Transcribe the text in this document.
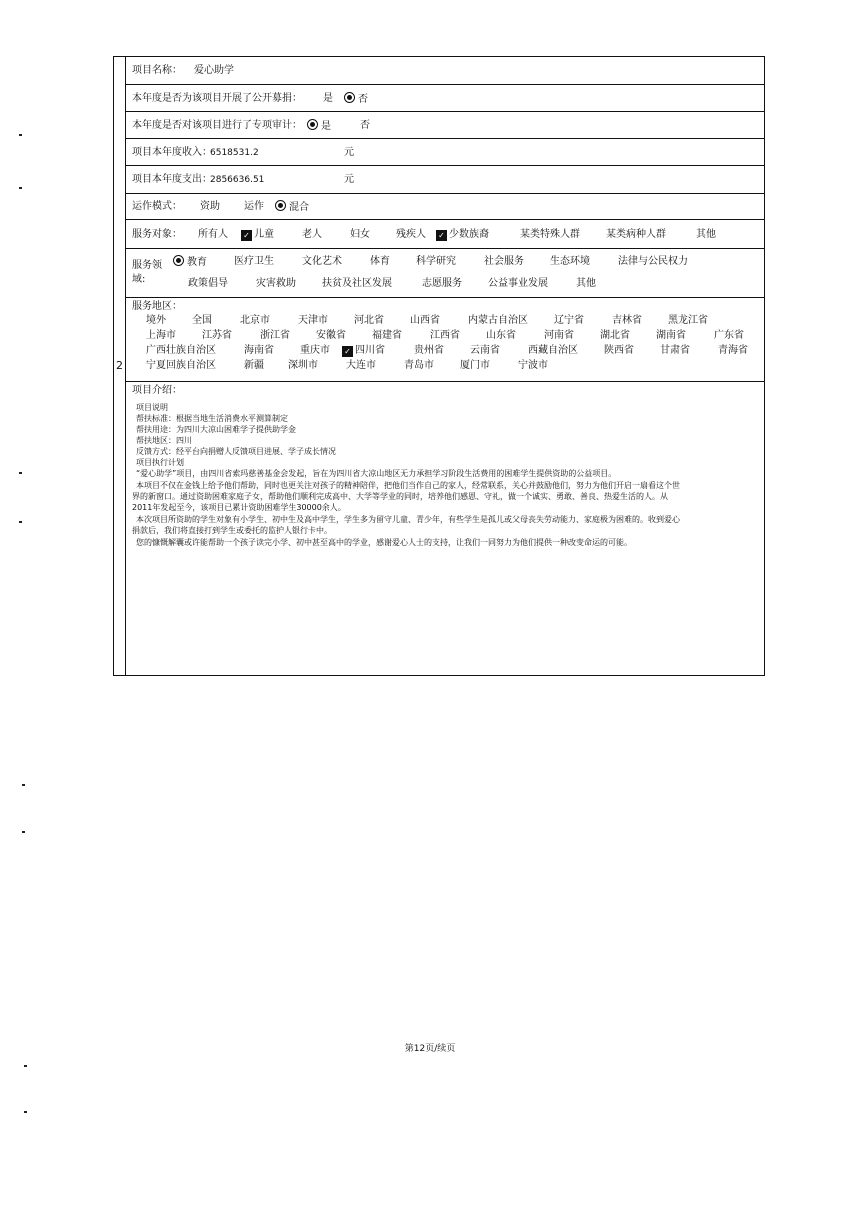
2
项目名称： 爱心助学
本年度是否为该项目开展了公开募捐： 是	否
本年度是否对该项目进行了专项审计：	是	否
项目本年度收入：
6518531.2	元
项目本年度支出：
2856636.51	元
运作模式： 资助 运作	混合
服务对象： 所有人 ✓ 儿童	老人	妇女	残疾人 ✓ 少数族裔	某类特殊人群	某类病种人群	其他
服务领
域:
教育	医疗卫生	文化艺术	体育	科学研究	社会服务	生态环境	法律与公民权力
政策倡导	灾害救助	扶贫及社区发展	志愿服务	公益事业发展	其他
服务地区：
境外	全国	北京市	天津市	河北省	山西省	内蒙古自治区	辽宁省	吉林省	黑龙江省
上海市	江苏省	浙江省	安徽省	福建省	江西省	山东省	河南省	湖北省	湖南省	广东省
广西壮族自治区	海南省	重庆市 ✓ 四川省	贵州省	云南省	西藏自治区	陕西省	甘肃省	青海省
宁夏回族自治区	新疆 深圳市	大连市	青岛市	厦门市	宁波市
项目介绍：
项目说明
帮扶标准：根据当地生活消费水平测算制定
帮扶用途：为四川大凉山困难学子提供助学金
帮扶地区：四川
反馈方式：经平台向捐赠人反馈项目进展、学子成长情况
项目执行计划
“爱心助学”项目，由四川省索玛慈善基金会发起，旨在为四川省大凉山地区无力承担学习阶段生活费用的困难学生提供资助的公益项目。
本项目不仅在金钱上给予他们帮助，同时也更关注对孩子的精神陪伴，把他们当作自己的家人，经常联系，关心并鼓励他们，努力为他们开启一扇看这个世
界的新窗口。通过资助困难家庭子女，帮助他们顺利完成高中、大学等学业的同时，培养他们感恩、守礼，做一个诚实、勇敢、善良、热爱生活的人。从
2011年发起至今，该项目已累计资助困难学生30000余人。
本次项目所资助的学生对象有小学生、初中生及高中学生，学生多为留守儿童、青少年，有些学生是孤儿或父母丧失劳动能力、家庭极为困难的。收到爱心
捐款后，我们将直接打到学生或委托的监护人银行卡中。
您的慷慨解囊或许能帮助一个孩子读完小学、初中甚至高中的学业，感谢爱心人士的支持，让我们一同努力为他们提供一种改变命运的可能。
第12页/续页
